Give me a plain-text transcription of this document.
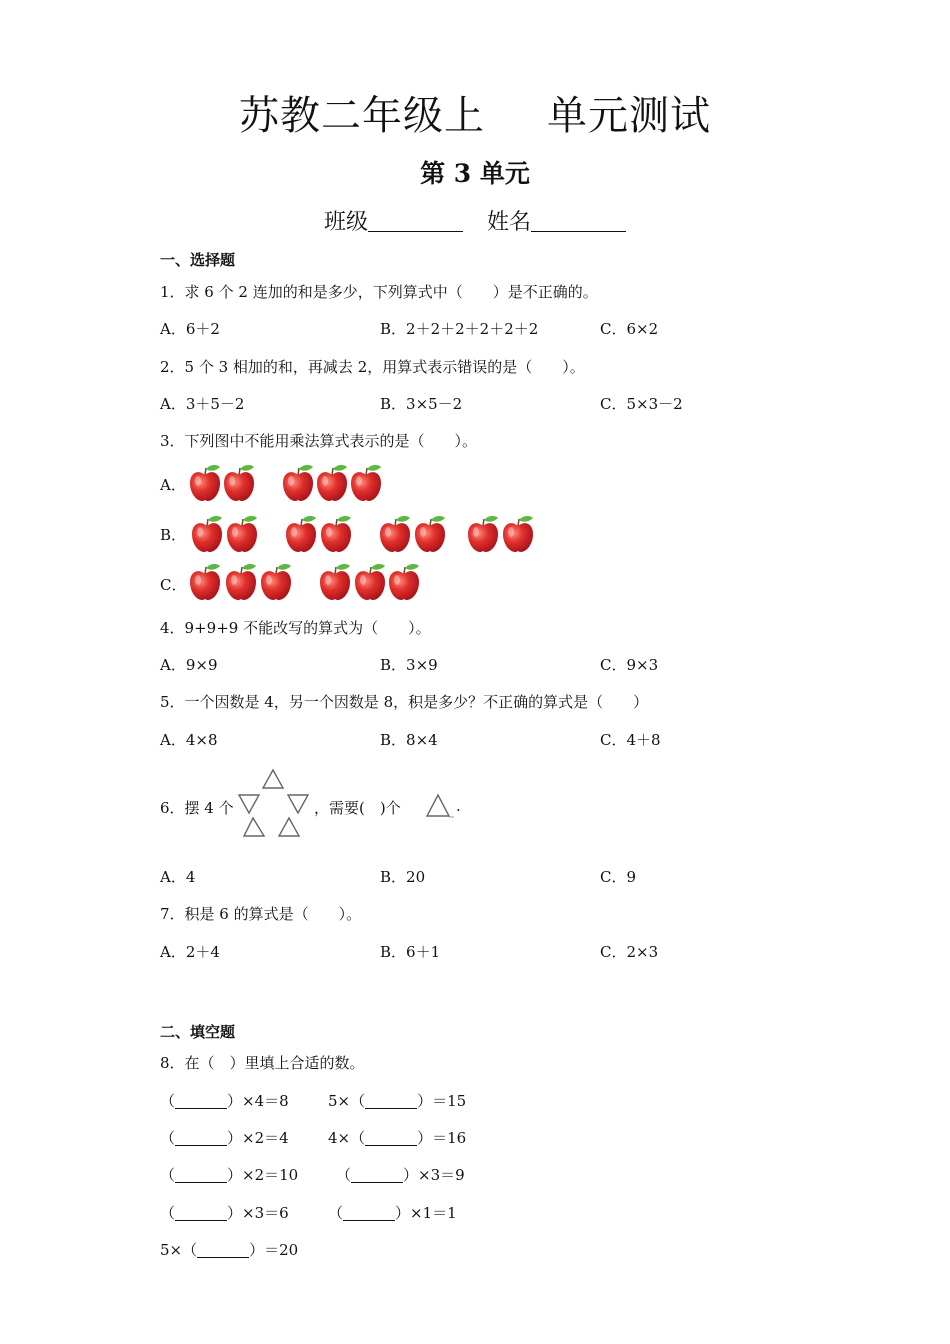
苏教二年级上 单元测试
第 3 单元
班级	姓名
一、选择题
1．求 6 个 2 连加的和是多少，下列算式中（　　）是不正确的。
A．6＋2	B．2＋2＋2＋2＋2＋2	C．6×2
2．5 个 3 相加的和，再减去 2，用算式表示错误的是（　　）。
A．3＋5－2	B．3×5－2	C．5×3－2
3．下列图中不能用乘法算式表示的是（　　）。
A．
B．
C．
4．9+9+9 不能改写的算式为（　　）。
A．9×9	B．3×9	C．9×3
5．一个因数是 4，另一个因数是 8，积是多少？不正确的算式是（　　）
A．4×8	B．8×4	C．4＋8
6．摆 4 个	，需要(　)个	.
A．4	B．20	C．9
7．积是 6 的算式是（　　）。
A．2＋4	B．6＋1	C．2×3
二、填空题
8．在（　）里填上合适的数。
（	）×4＝8	5×（	）＝15
（	）×2＝4	4×（	）＝16
（	）×2＝10	（	）×3＝9
（	）×3＝6	（	）×1＝1
5×（	）＝20
